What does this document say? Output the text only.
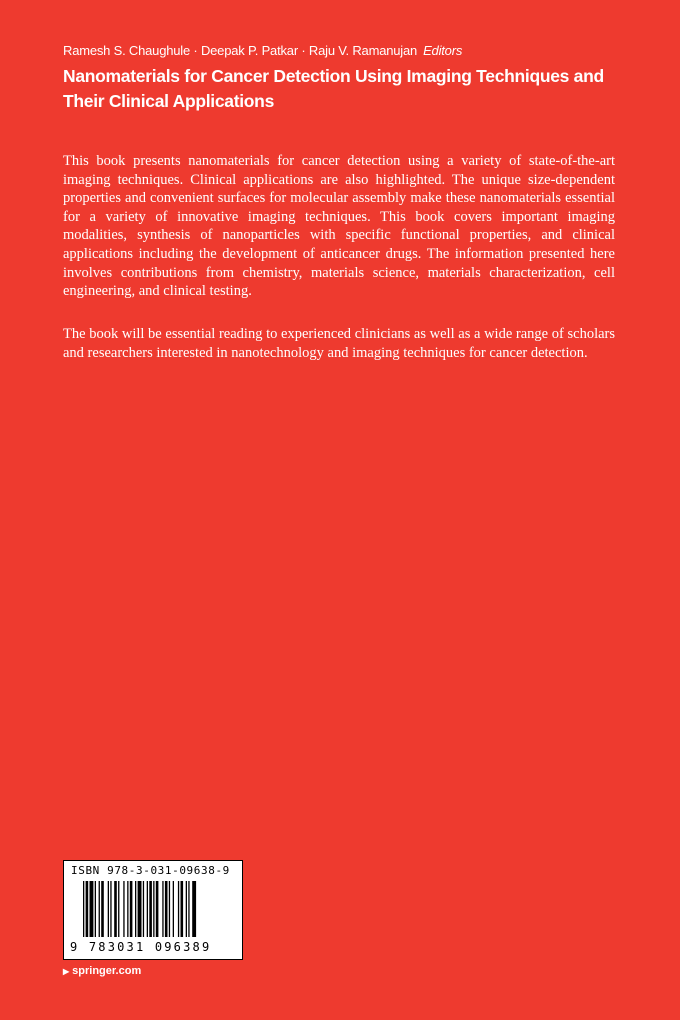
Ramesh S. Chaughule · Deepak P. Patkar · Raju V. Ramanujan Editors
Nanomaterials for Cancer Detection Using Imaging Techniques and Their Clinical Applications

This book presents nanomaterials for cancer detection using a variety of state-of-the-art imaging techniques. Clinical applications are also highlighted. The unique size-dependent properties and convenient surfaces for molecular assembly make these nanomaterials essential for a variety of innovative imaging techniques. This book covers important imaging modalities, synthesis of nanoparticles with specific functional properties, and clinical applications including the development of anticancer drugs. The information presented here involves contributions from chemistry, materials science, materials characterization, cell engineering, and clinical testing.

The book will be essential reading to experienced clinicians as well as a wide range of scholars and researchers interested in nanotechnology and imaging techniques for cancer detection.

ISBN 978-3-031-09638-9
9 783031 096389
▶ springer.com
